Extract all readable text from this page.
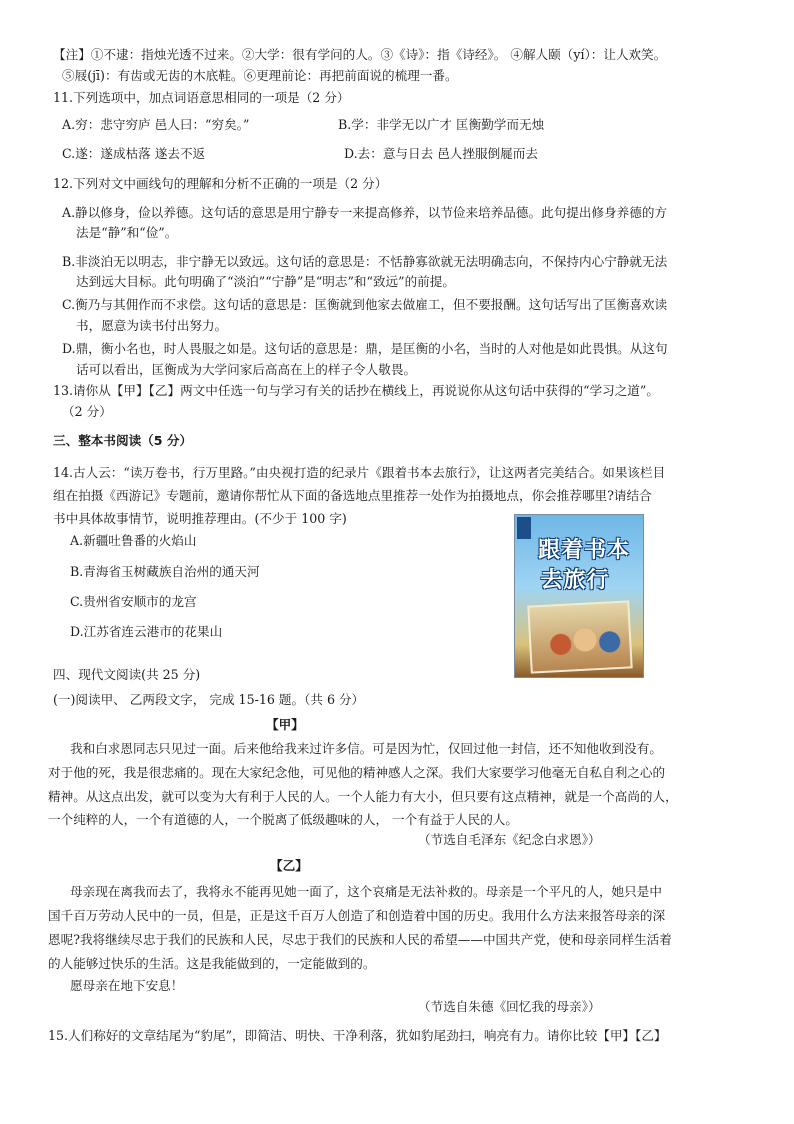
【注】①不逮：指烛光透不过来。②大学：很有学问的人。③《诗》：指《诗经》。 ④解人颐（yí）：让人欢笑。
⑤屐(jī)：有齿或无齿的木底鞋。⑥更理前论：再把前面说的梳理一番。
11.下列选项中，加点词语意思相同的一项是（2 分）
A.穷：悲守穷庐 邑人曰：“穷矣。”	B.学：非学无以广才 匡衡勤学而无烛
C.遂：遂成枯落 遂去不返	D.去：意与日去 邑人挫服倒屣而去
12.下列对文中画线句的理解和分析不正确的一项是（2 分）
A.静以修身，俭以养德。这句话的意思是用宁静专一来提高修养，以节俭来培养品德。此句提出修身养德的方
法是“静”和“俭”。
B.非淡泊无以明志，非宁静无以致远。这句话的意思是：不恬静寡欲就无法明确志向，不保持内心宁静就无法
达到远大目标。此句明确了“淡泊”“宁静”是“明志”和“致远”的前提。
C.衡乃与其佣作而不求偿。这句话的意思是：匡衡就到他家去做雇工，但不要报酬。这句话写出了匡衡喜欢读
书，愿意为读书付出努力。
D.鼎，衡小名也，时人畏服之如是。这句话的意思是：鼎，是匡衡的小名，当时的人对他是如此畏惧。从这句
话可以看出，匡衡成为大学问家后高高在上的样子令人敬畏。
13.请你从【甲】【乙】两文中任选一句与学习有关的话抄在横线上，再说说你从这句话中获得的“学习之道”。
（2 分）
三、整本书阅读（5 分）
14.古人云：“读万卷书，行万里路。”由央视打造的纪录片《跟着书本去旅行》，让这两者完美结合。如果该栏目
组在拍摄《西游记》专题前，邀请你帮忙从下面的备选地点里推荐一处作为拍摄地点，你会推荐哪里?请结合
书中具体故事情节，说明推荐理由。(不少于 100 字)
A.新疆吐鲁番的火焰山
B.青海省玉树藏族自治州的通天河
C.贵州省安顺市的龙宫
D.江苏省连云港市的花果山
跟着书本
去旅行
四、现代文阅读(共 25 分)
(一)阅读甲、 乙两段文字， 完成 15-16 题。（共 6 分）
【甲】
我和白求恩同志只见过一面。后来他给我来过许多信。可是因为忙，仅回过他一封信，还不知他收到没有。
对于他的死，我是很悲痛的。现在大家纪念他，可见他的精神感人之深。我们大家要学习他毫无自私自利之心的
精神。从这点出发，就可以变为大有利于人民的人。一个人能力有大小，但只要有这点精神，就是一个高尚的人，
一个纯粹的人，一个有道德的人，一个脱离了低级趣味的人， 一个有益于人民的人。
（节选自毛泽东《纪念白求恩》）
【乙】
母亲现在离我而去了，我将永不能再见她一面了，这个哀痛是无法补救的。母亲是一个平凡的人，她只是中
国千百万劳动人民中的一员，但是，正是这千百万人创造了和创造着中国的历史。我用什么方法来报答母亲的深
恩呢?我将继续尽忠于我们的民族和人民，尽忠于我们的民族和人民的希望——中国共产党，使和母亲同样生活着
的人能够过快乐的生活。这是我能做到的，一定能做到的。
愿母亲在地下安息！
（节选自朱德《回忆我的母亲》）
15.人们称好的文章结尾为“豹尾”，即简洁、明快、干净利落，犹如豹尾劲扫，响亮有力。请你比较【甲】【乙】
